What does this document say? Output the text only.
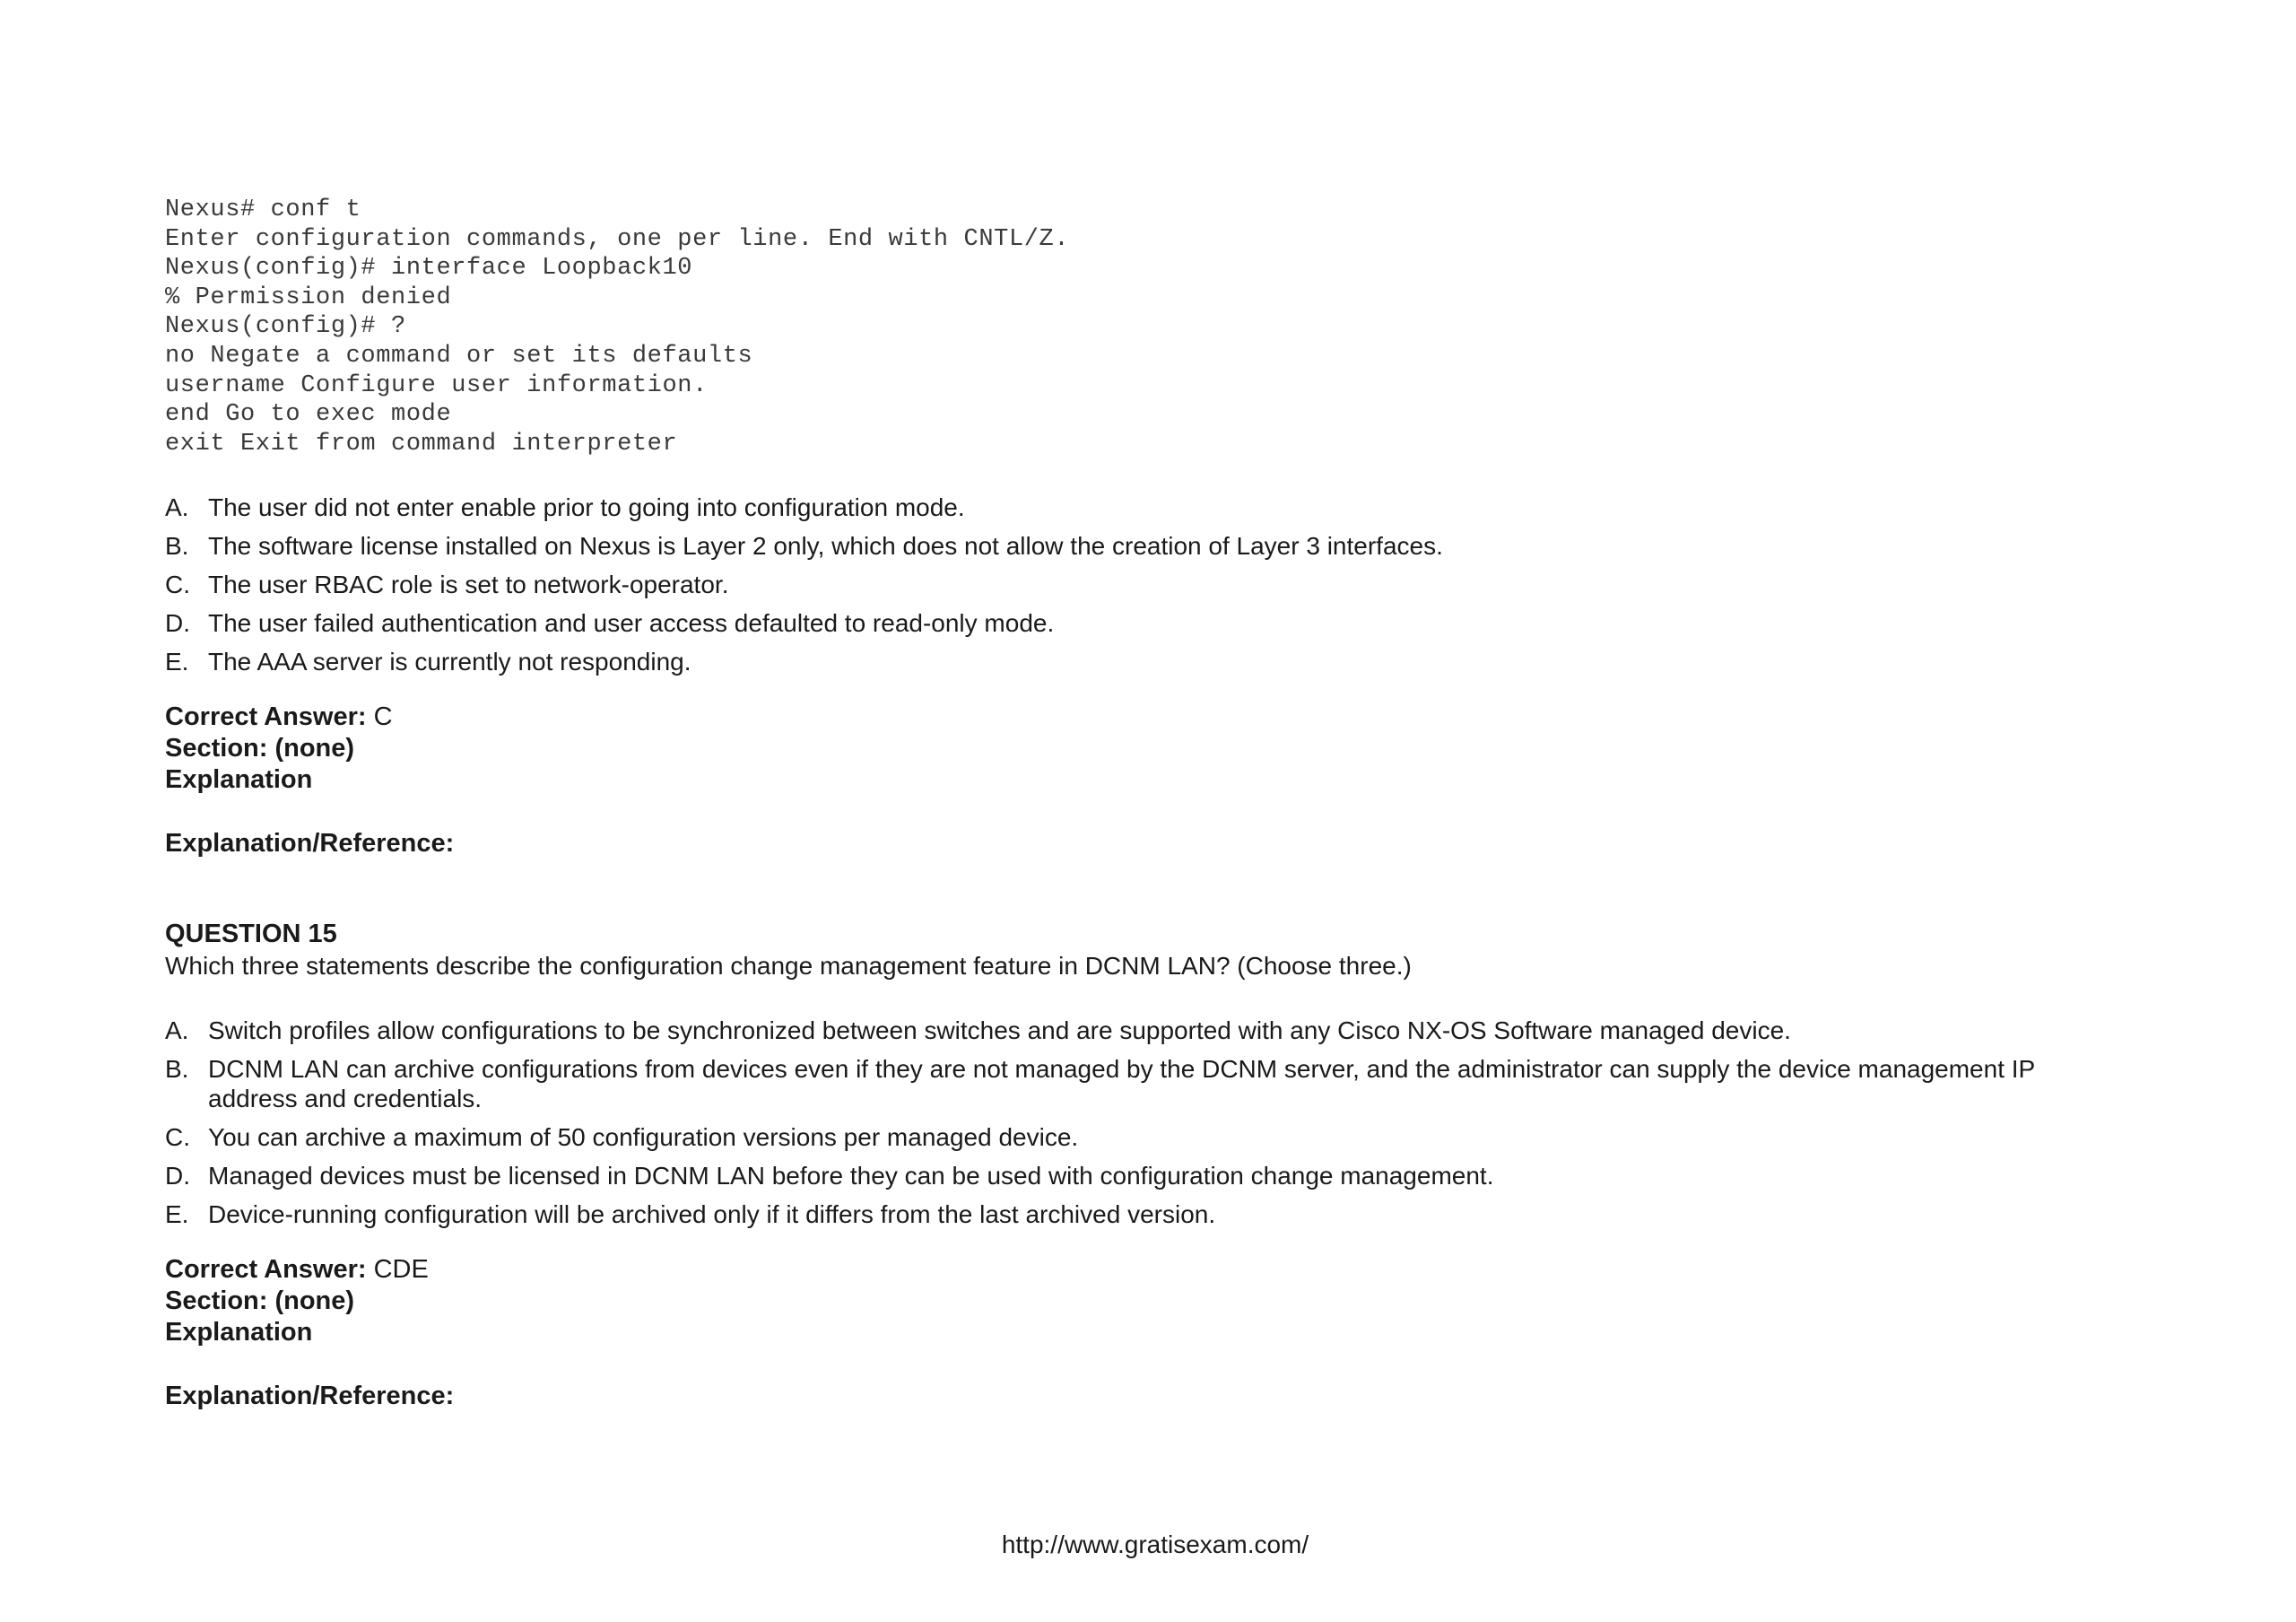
Nexus# conf t
Enter configuration commands, one per line. End with CNTL/Z.
Nexus(config)# interface Loopback10
% Permission denied
Nexus(config)# ?
no Negate a command or set its defaults
username Configure user information.
end Go to exec mode
exit Exit from command interpreter
A. The user did not enter enable prior to going into configuration mode.
B. The software license installed on Nexus is Layer 2 only, which does not allow the creation of Layer 3 interfaces.
C. The user RBAC role is set to network-operator.
D. The user failed authentication and user access defaulted to read-only mode.
E. The AAA server is currently not responding.
Correct Answer: C
Section: (none)
Explanation
Explanation/Reference:
QUESTION 15
Which three statements describe the configuration change management feature in DCNM LAN? (Choose three.)
A. Switch profiles allow configurations to be synchronized between switches and are supported with any Cisco NX-OS Software managed device.
B. DCNM LAN can archive configurations from devices even if they are not managed by the DCNM server, and the administrator can supply the device management IP address and credentials.
C. You can archive a maximum of 50 configuration versions per managed device.
D. Managed devices must be licensed in DCNM LAN before they can be used with configuration change management.
E. Device-running configuration will be archived only if it differs from the last archived version.
Correct Answer: CDE
Section: (none)
Explanation
Explanation/Reference:
http://www.gratisexam.com/
